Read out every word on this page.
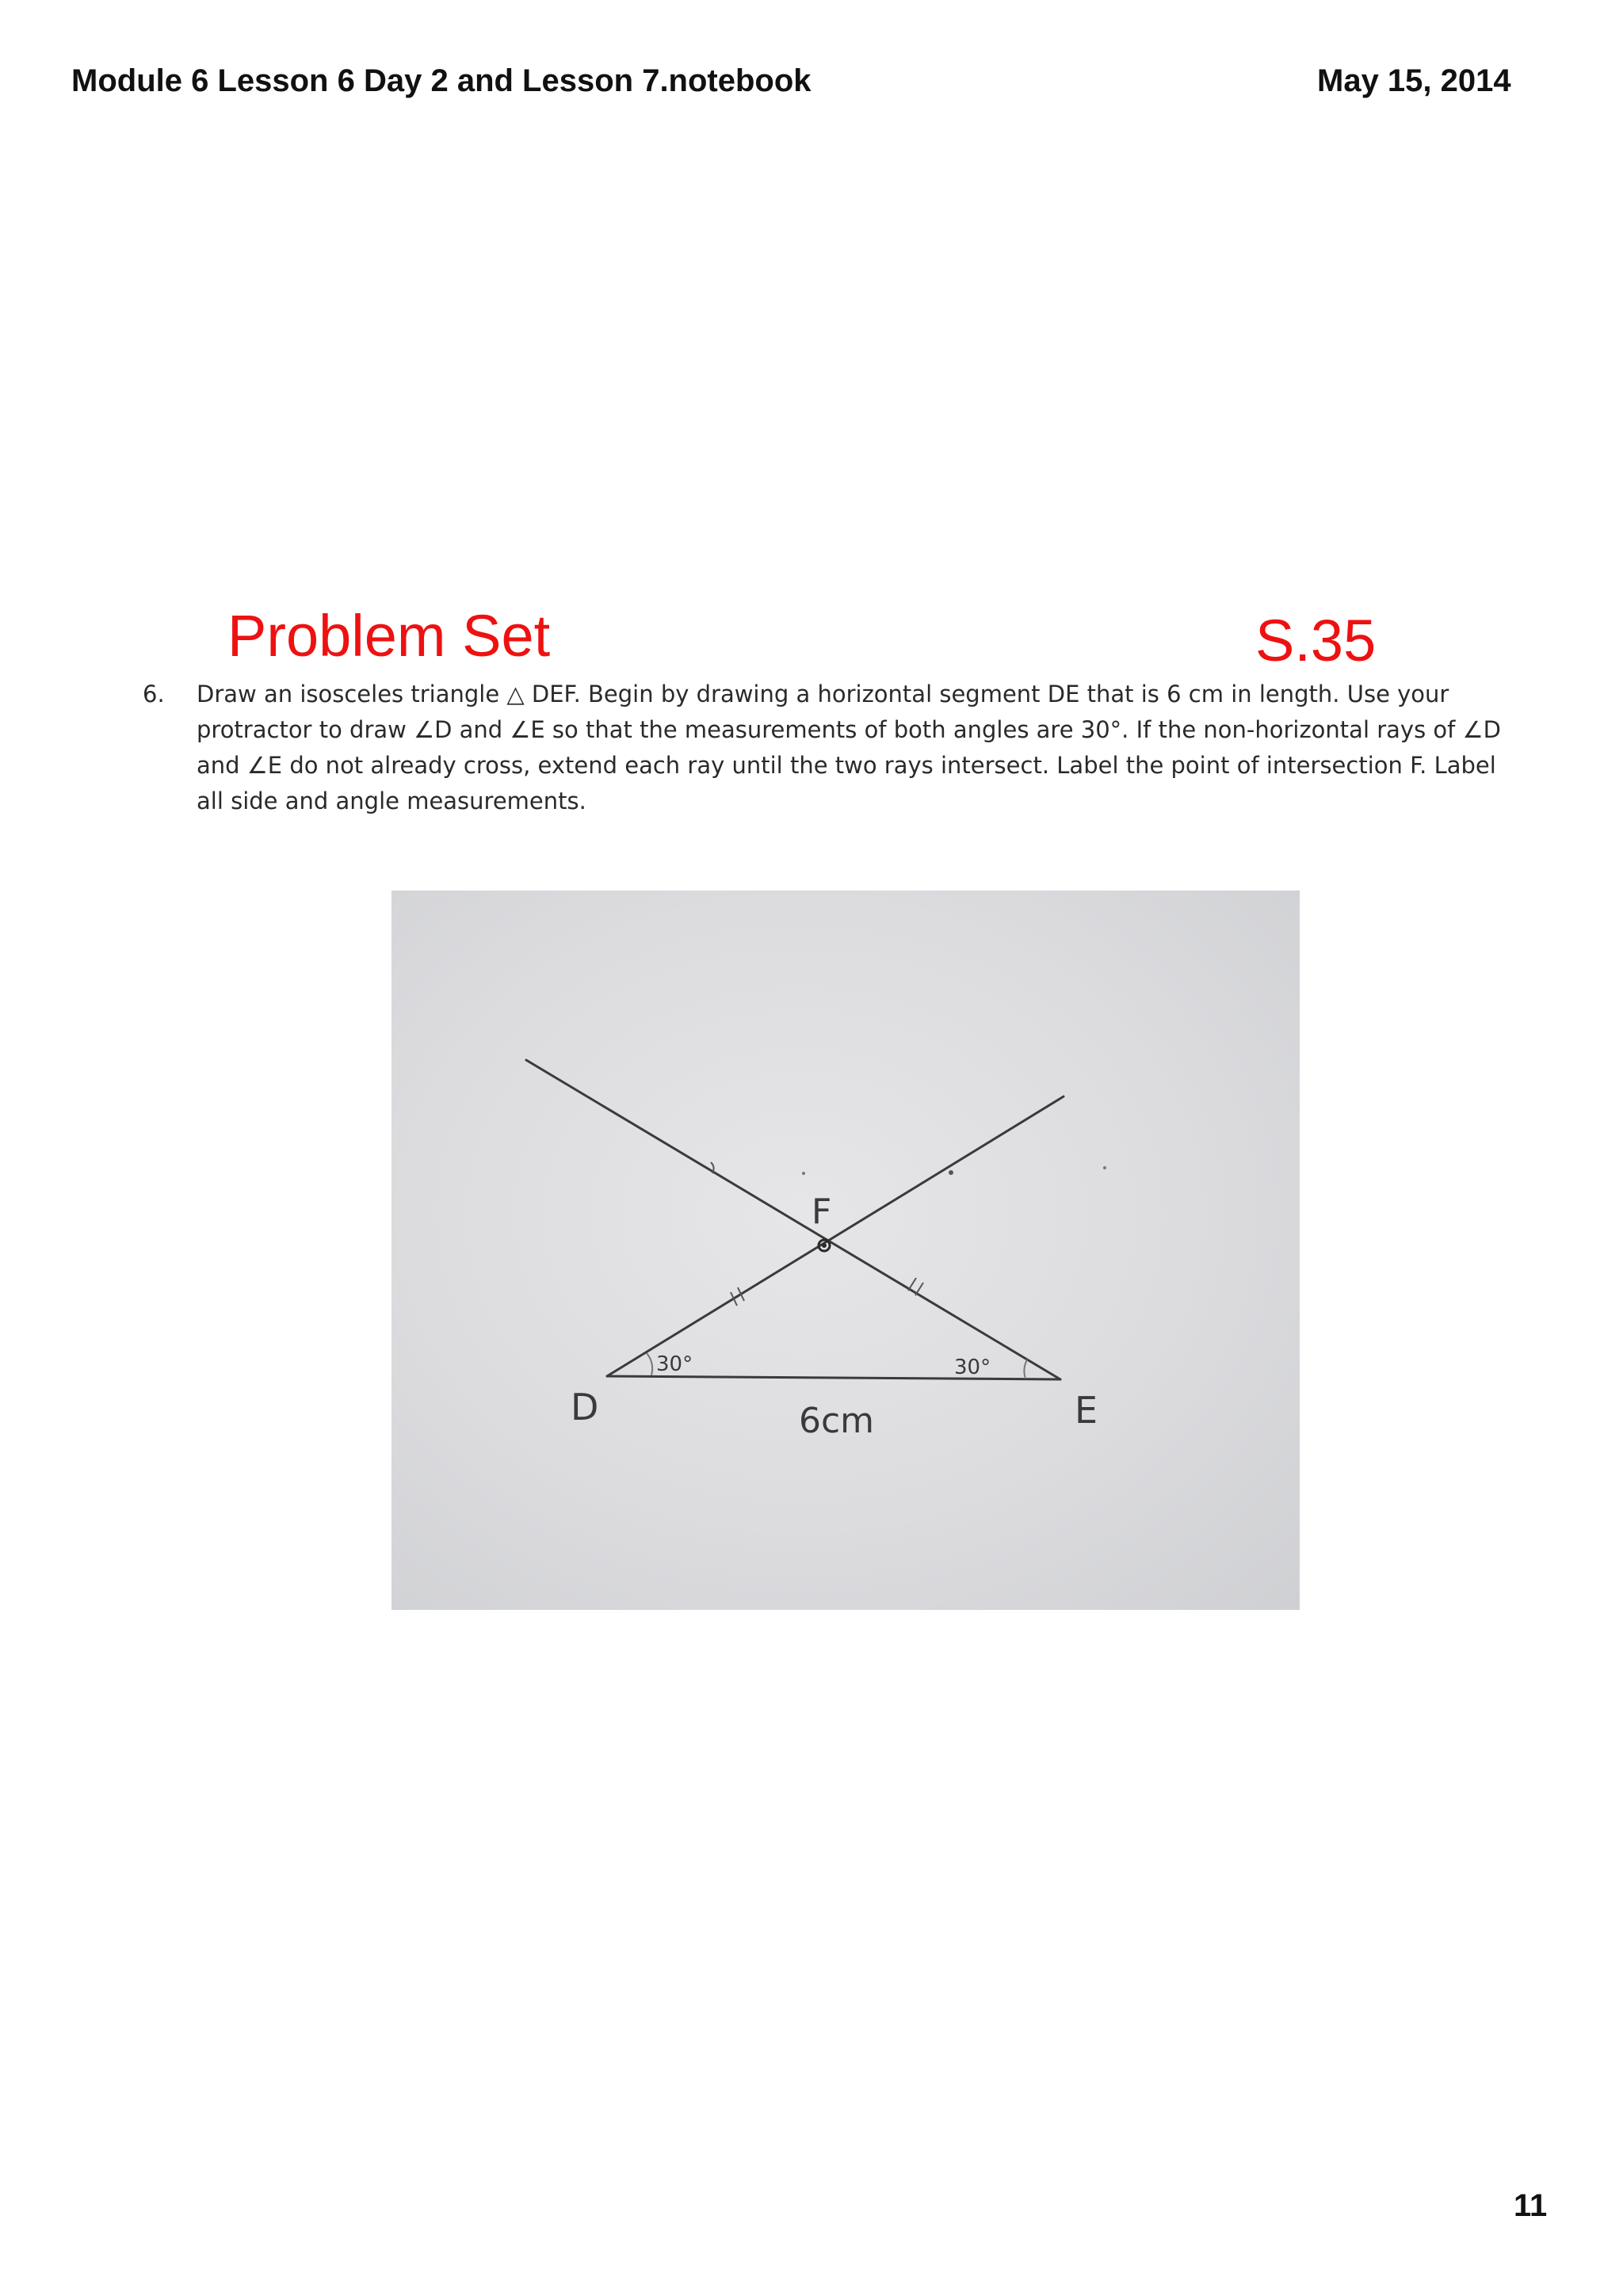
Module 6 Lesson 6 Day 2 and Lesson 7.notebook	May 15, 2014
Problem Set	S.35
6. Draw an isosceles triangle △ DEF. Begin by drawing a horizontal segment DE that is 6 cm in length. Use your protractor to draw ∠D and ∠E so that the measurements of both angles are 30°. If the non-horizontal rays of ∠D and ∠E do not already cross, extend each ray until the two rays intersect. Label the point of intersection F. Label all side and angle measurements.
F
D	E
30°	30°
6cm
11
